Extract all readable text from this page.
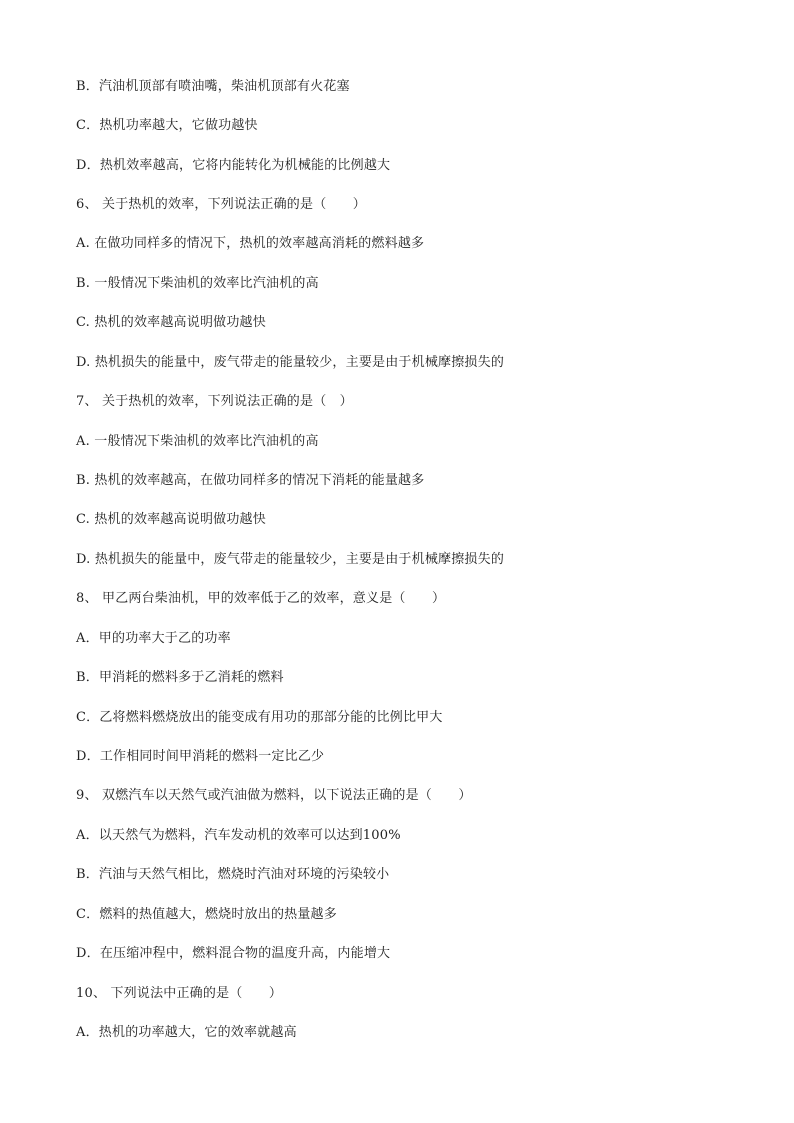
B．汽油机顶部有喷油嘴，柴油机顶部有火花塞
C．热机功率越大，它做功越快
D．热机效率越高，它将内能转化为机械能的比例越大
6、 关于热机的效率，下列说法正确的是（　　）
A. 在做功同样多的情况下，热机的效率越高消耗的燃料越多
B. 一般情况下柴油机的效率比汽油机的高
C. 热机的效率越高说明做功越快
D. 热机损失的能量中，废气带走的能量较少，主要是由于机械摩擦损失的
7、 关于热机的效率，下列说法正确的是（　）
A. 一般情况下柴油机的效率比汽油机的高
B. 热机的效率越高，在做功同样多的情况下消耗的能量越多
C. 热机的效率越高说明做功越快
D. 热机损失的能量中，废气带走的能量较少，主要是由于机械摩擦损失的
8、 甲乙两台柴油机，甲的效率低于乙的效率，意义是（　　）
A．甲的功率大于乙的功率
B．甲消耗的燃料多于乙消耗的燃料
C．乙将燃料燃烧放出的能变成有用功的那部分能的比例比甲大
D．工作相同时间甲消耗的燃料一定比乙少
9、 双燃汽车以天然气或汽油做为燃料，以下说法正确的是（　　）
A．以天然气为燃料，汽车发动机的效率可以达到100%
B．汽油与天然气相比，燃烧时汽油对环境的污染较小
C．燃料的热值越大，燃烧时放出的热量越多
D．在压缩冲程中，燃料混合物的温度升高，内能增大
10、 下列说法中正确的是（　　）
A．热机的功率越大，它的效率就越高
